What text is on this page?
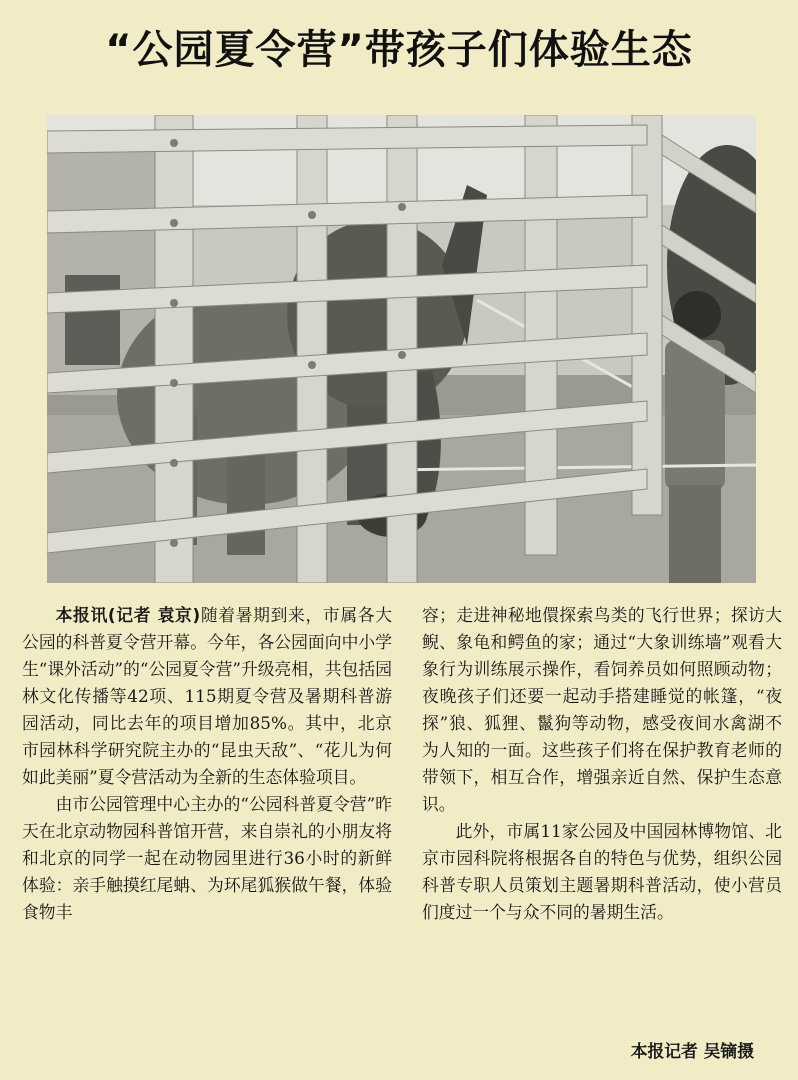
“公园夏令营”带孩子们体验生态

本报讯(记者 袁京)随着暑期到来，市属各大公园的科普夏令营开幕。今年，各公园面向中小学生“课外活动”的“公园夏令营”升级亮相，共包括园林文化传播等42项、115期夏令营及暑期科普游园活动，同比去年的项目增加85%。其中，北京市园林科学研究院主办的“昆虫天敌”、“花儿为何如此美丽”夏令营活动为全新的生态体验项目。

由市公园管理中心主办的“公园科普夏令营”昨天在北京动物园科普馆开营，来自崇礼的小朋友将和北京的同学一起在动物园里进行36小时的新鲜体验：亲手触摸红尾蚺、为环尾狐猴做午餐，体验食物丰

容；走进神秘地儇探索鸟类的飞行世界；探访大鲵、象龟和鳄鱼的家；通过“大象训练墙”观看大象行为训练展示操作，看饲养员如何照顾动物；夜晚孩子们还要一起动手搭建睡觉的帐篷，“夜探”狼、狐狸、鬣狗等动物，感受夜间水禽湖不为人知的一面。这些孩子们将在保护教育老师的带领下，相互合作，增强亲近自然、保护生态意识。

此外，市属11家公园及中国园林博物馆、北京市园科院将根据各自的特色与优势，组织公园科普专职人员策划主题暑期科普活动，使小营员们度过一个与众不同的暑期生活。

本报记者 吴镝摄
